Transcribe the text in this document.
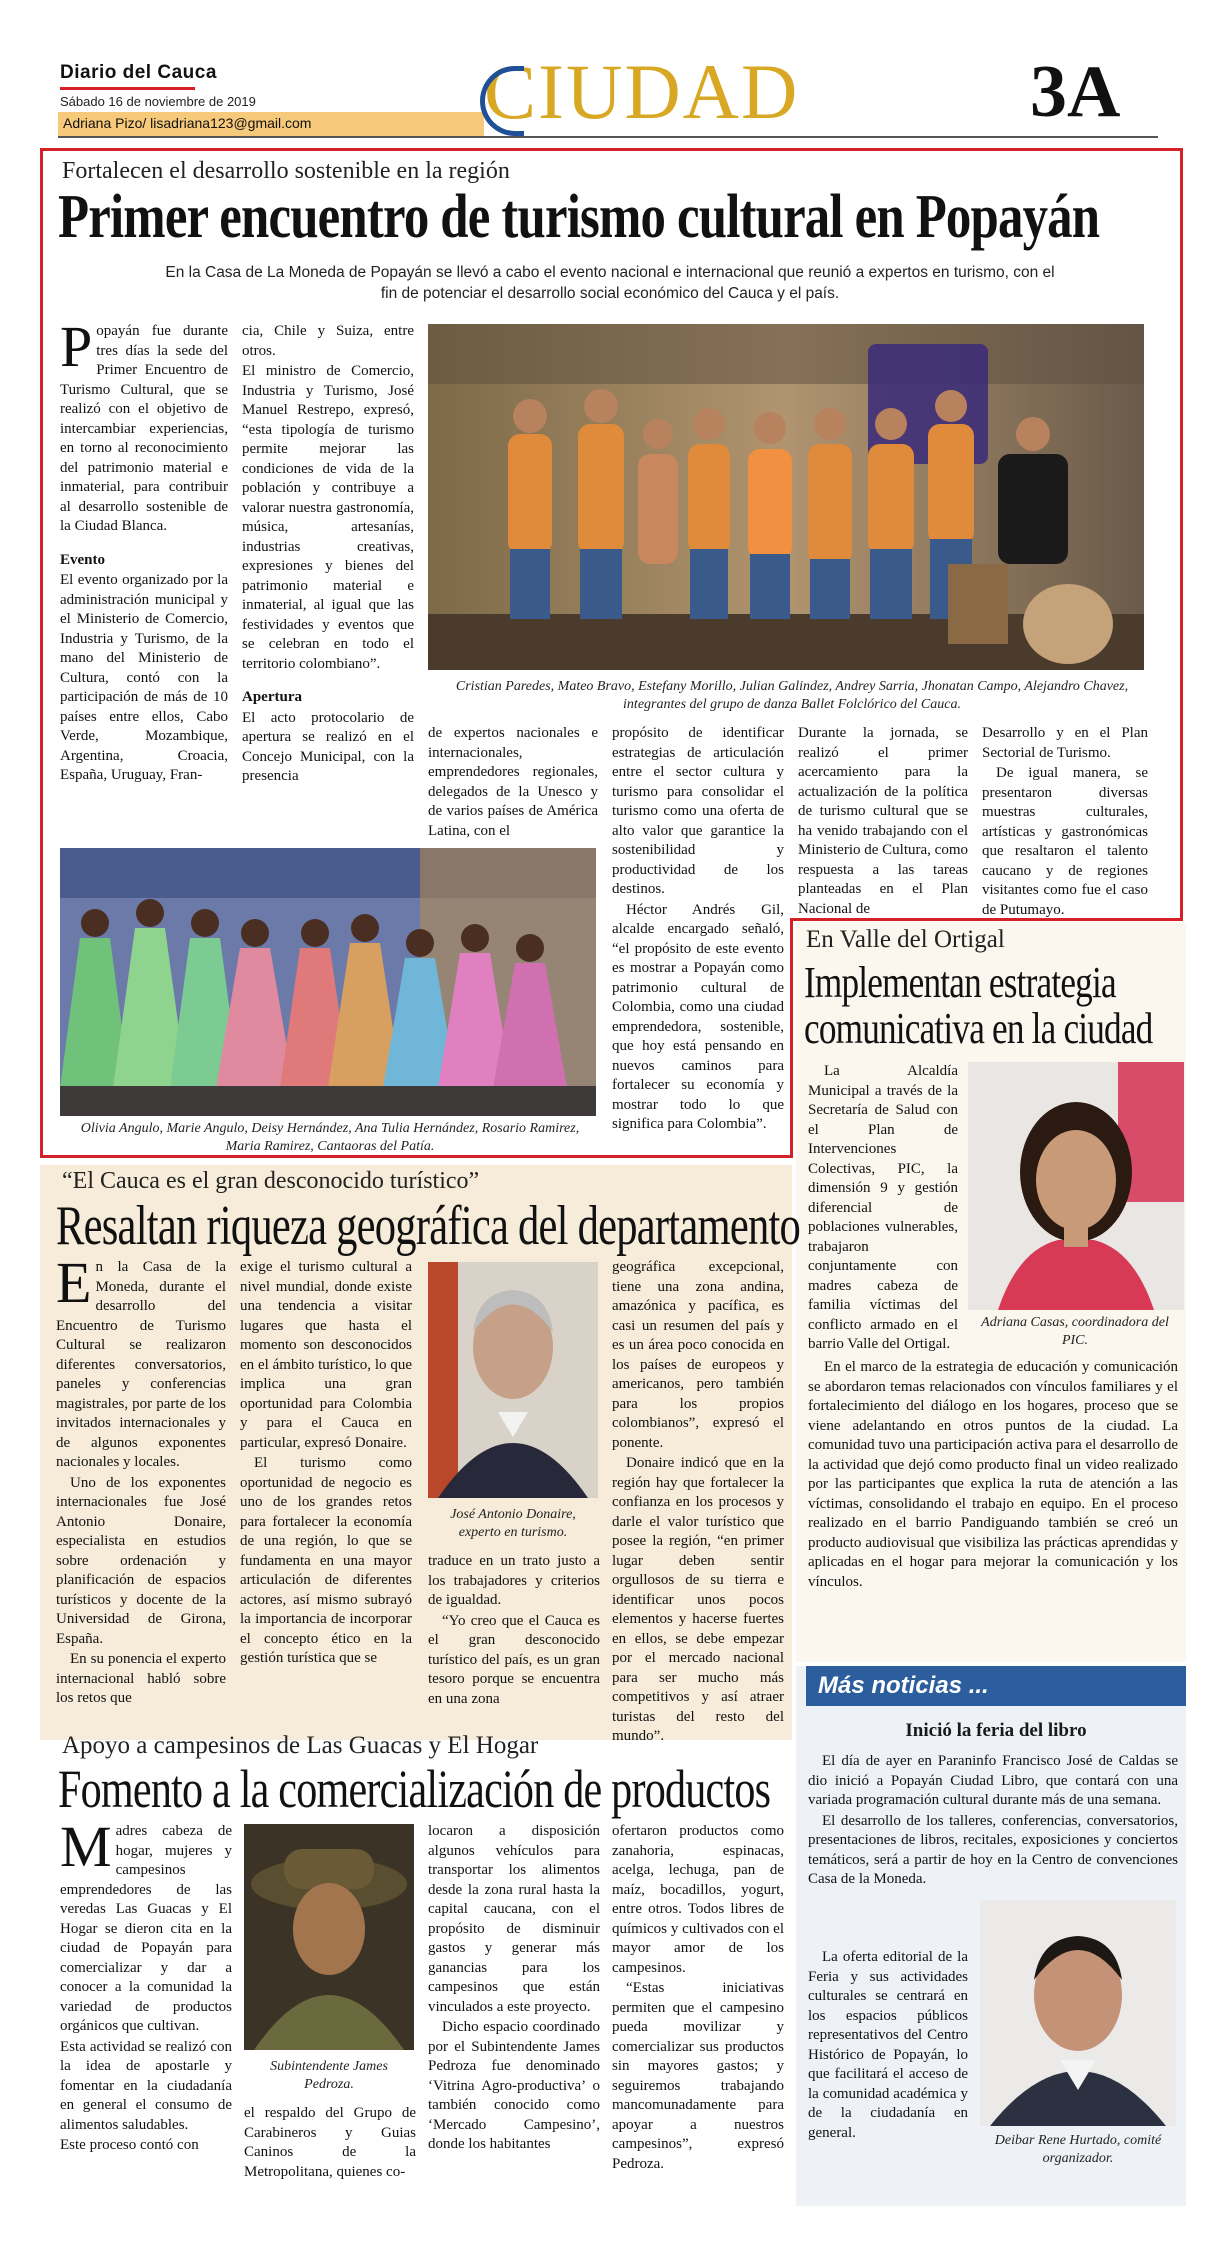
Diario del Cauca
Sábado 16 de noviembre de 2019
Adriana Pizo/ lisadriana123@gmail.com CIUDAD	3A
Fortalecen el desarrollo sostenible en la región
Primer encuentro de turismo cultural en Popayán
En la Casa de La Moneda de Popayán se llevó a cabo el evento nacional e internacional que reunió a expertos en turismo, con el
fin de potenciar el desarrollo social económico del Cauca y el país.
P opayán fue durante tres días la sede del Primer Encuentro de Turismo Cultural, que se realizó con el objetivo de intercambiar experiencias, en torno al reconocimiento del patrimonio material e inmaterial, para contribuir al desarrollo sostenible de la Ciudad Blanca.

Evento

El evento organizado por la administración municipal y el Ministerio de Comercio, Industria y Turismo, de la mano del Ministerio de Cultura, contó con la participación de más de 10 países entre ellos, Cabo Verde, Mozambique, Argentina, Croacia, España, Uruguay, Fran-

cia, Chile y Suiza, entre otros.

El ministro de Comercio, Industria y Turismo, José Manuel Restrepo, expresó, “esta tipología de turismo permite mejorar las condiciones de vida de la población y contribuye a valorar nuestra gastronomía, música, artesanías, industrias creativas, expresiones y bienes del patrimonio material e inmaterial, al igual que las festividades y eventos que se celebran en todo el territorio colombiano”.

Apertura

El acto protocolario de apertura se realizó en el Concejo Municipal, con la presencia

Cristian Paredes, Mateo Bravo, Estefany Morillo, Julian Galindez, Andrey Sarria, Jhonatan Campo, Alejandro Chavez, integrantes del grupo de danza Ballet Folclórico del Cauca.
Olivia Angulo, Marie Angulo, Deisy Hernández, Ana Tulia Hernández, Rosario Ramirez, Maria Ramirez, Cantaoras del Patía.
de expertos nacionales e internacionales, emprendedores regionales, delegados de la Unesco y de varios países de América Latina, con el

propósito de identificar estrategias de articulación entre el sector cultura y turismo para consolidar el turismo como una oferta de alto valor que garantice la sostenibilidad y productividad de los destinos.

Héctor Andrés Gil, alcalde encargado señaló, “el propósito de este evento es mostrar a Popayán como patrimonio cultural de Colombia, como una ciudad emprendedora, sostenible, que hoy está pensando en nuevos caminos para fortalecer su economía y mostrar todo lo que significa para Colombia”.

Durante la jornada, se realizó el primer acercamiento para la actualización de la política de turismo cultural que se ha venido trabajando con el Ministerio de Cultura, como respuesta a las tareas planteadas en el Plan Nacional de

Desarrollo y en el Plan Sectorial de Turismo.

De igual manera, se presentaron diversas muestras culturales, artísticas y gastronómicas que resaltaron el talento caucano y de regiones visitantes como fue el caso de Putumayo.

En Valle del Ortigal
Implementan estrategia
comunicativa en la ciudad
Adriana Casas, coordinadora del PIC.
La Alcaldía Municipal a través de la Secretaría de Salud con el Plan de Intervenciones Colectivas, PIC, la dimensión 9 y gestión diferencial de poblaciones vulnerables, trabajaron conjuntamente con madres cabeza de familia víctimas del conflicto armado en el barrio Valle del Ortigal.
En el marco de la estrategia de educación y comunicación se abordaron temas relacionados con vínculos familiares y el fortalecimiento del diálogo en los hogares, proceso que se viene adelantando en otros puntos de la ciudad. La comunidad tuvo una participación activa para el desarrollo de la actividad que dejó como producto final un video realizado por las participantes que explica la ruta de atención a las víctimas, consolidando el trabajo en equipo. En el proceso realizado en el barrio Pandiguando también se creó un producto audiovisual que visibiliza las prácticas aprendidas y aplicadas en el hogar para mejorar la comunicación y los vínculos.
“El Cauca es el gran desconocido turístico”
Resaltan riqueza geográfica del departamento
E n la Casa de la Moneda, durante el desarrollo del Encuentro de Turismo Cultural se realizaron diferentes conversatorios, paneles y conferencias magistrales, por parte de los invitados internacionales y de algunos exponentes nacionales y locales.

Uno de los exponentes internacionales fue José Antonio Donaire, especialista en estudios sobre ordenación y planificación de espacios turísticos y docente de la Universidad de Girona, España.

En su ponencia el experto internacional habló sobre los retos que

exige el turismo cultural a nivel mundial, donde existe una tendencia a visitar lugares que hasta el momento son desconocidos en el ámbito turístico, lo que implica una gran oportunidad para Colombia y para el Cauca en particular, expresó Donaire.

El turismo como oportunidad de negocio es uno de los grandes retos para fortalecer la economía de una región, lo que se fundamenta en una mayor articulación de diferentes actores, así mismo subrayó la importancia de incorporar el concepto ético en la gestión turística que se

José Antonio Donaire, experto en turismo.

traduce en un trato justo a los trabajadores y criterios de igualdad.

“Yo creo que el Cauca es el gran desconocido turístico del país, es un gran tesoro porque se encuentra en una zona

geográfica excepcional, tiene una zona andina, amazónica y pacífica, es casi un resumen del país y es un área poco conocida en los países de europeos y americanos, pero también para los propios colombianos”, expresó el ponente.

Donaire indicó que en la región hay que fortalecer la confianza en los procesos y darle el valor turístico que posee la región, “en primer lugar deben sentir orgullosos de su tierra e identificar unos pocos elementos y hacerse fuertes en ellos, se debe empezar por el mercado nacional para ser mucho más competitivos y así atraer turistas del resto del mundo”.

Más noticias ...
Inició la feria del libro

El día de ayer en Paraninfo Francisco José de Caldas se dio inició a Popayán Ciudad Libro, que contará con una variada programación cultural durante más de una semana.

El desarrollo de los talleres, conferencias, conversatorios, presentaciones de libros, recitales, exposiciones y conciertos temáticos, será a partir de hoy en la Centro de convenciones Casa de la Moneda.

La oferta editorial de la Feria y sus actividades culturales se centrará en los espacios públicos representativos del Centro Histórico de Popayán, lo que facilitará el acceso de la comunidad académica y de la ciudadanía en general.	Deibar Rene Hurtado, comité organizador.
Apoyo a campesinos de Las Guacas y El Hogar
Fomento a la comercialización de productos
M adres cabeza de hogar, mujeres y campesinos emprendedores de las veredas Las Guacas y El Hogar se dieron cita en la ciudad de Popayán para comercializar y dar a conocer a la comunidad la variedad de productos orgánicos que cultivan.

Esta actividad se realizó con la idea de apostarle y fomentar en la ciudadanía en general el consumo de alimentos saludables.

Este proceso contó con

Subintendente James Pedroza.
el respaldo del Grupo de Carabineros y Guias Caninos de la Metropolitana, quienes co-

locaron a disposición algunos vehículos para transportar los alimentos desde la zona rural hasta la capital caucana, con el propósito de disminuir gastos y generar más ganancias para los campesinos que están vinculados a este proyecto.

Dicho espacio coordinado por el Subintendente James Pedroza fue denominado ‘Vitrina Agro-productiva’ o también conocido como ‘Mercado Campesino’, donde los habitantes

ofertaron productos como zanahoria, espinacas, acelga, lechuga, pan de maíz, bocadillos, yogurt, entre otros. Todos libres de químicos y cultivados con el mayor amor de los campesinos.

“Estas iniciativas permiten que el campesino pueda movilizar y comercializar sus productos sin mayores gastos; y seguiremos trabajando mancomunadamente para apoyar a nuestros campesinos”, expresó Pedroza.
